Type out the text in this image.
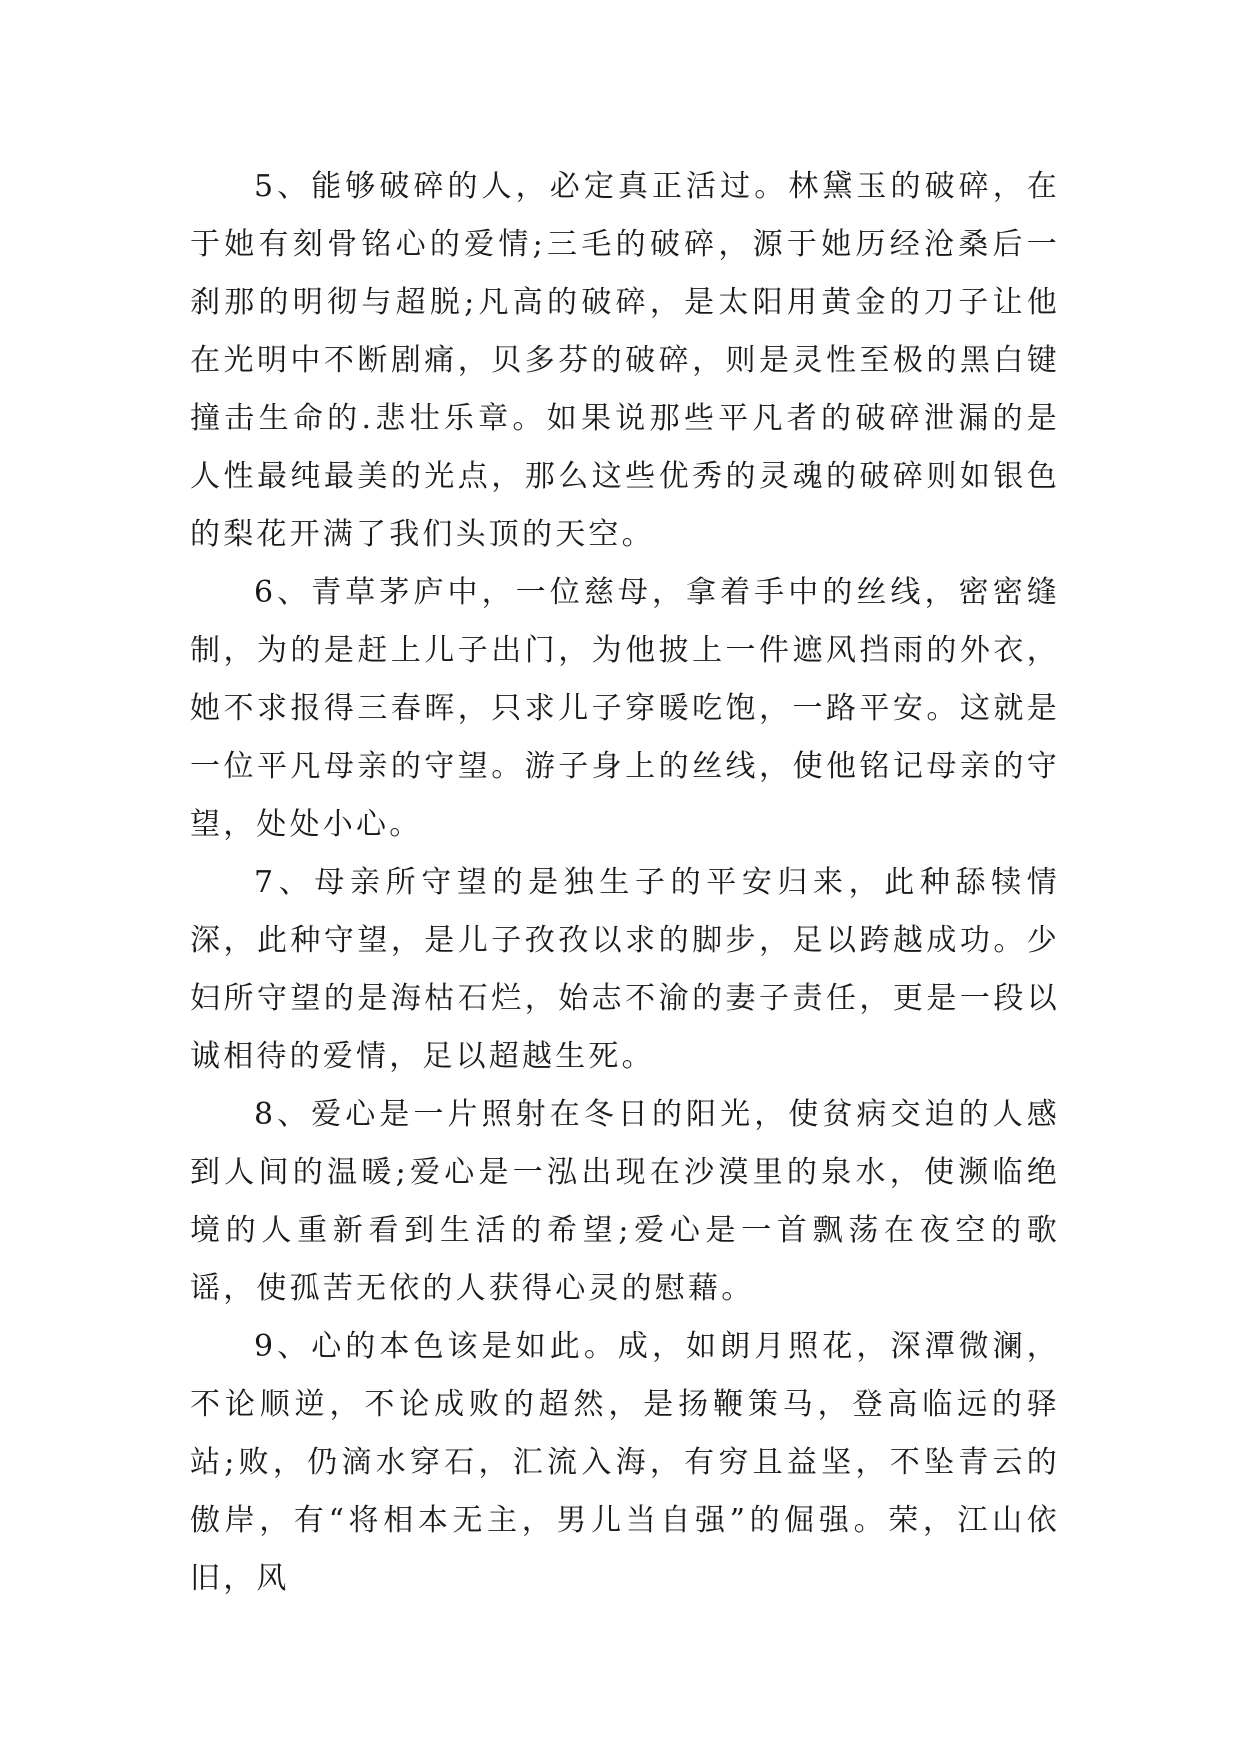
5、能够破碎的人，必定真正活过。林黛玉的破碎，在于她有刻骨铭心的爱情;三毛的破碎，源于她历经沧桑后一刹那的明彻与超脱;凡高的破碎，是太阳用黄金的刀子让他在光明中不断剧痛，贝多芬的破碎，则是灵性至极的黑白键撞击生命的.悲壮乐章。如果说那些平凡者的破碎泄漏的是人性最纯最美的光点，那么这些优秀的灵魂的破碎则如银色的梨花开满了我们头顶的天空。

6、青草茅庐中，一位慈母，拿着手中的丝线，密密缝制，为的是赶上儿子出门，为他披上一件遮风挡雨的外衣，她不求报得三春晖，只求儿子穿暖吃饱，一路平安。这就是一位平凡母亲的守望。游子身上的丝线，使他铭记母亲的守望，处处小心。

7、母亲所守望的是独生子的平安归来，此种舔犊情深，此种守望，是儿子孜孜以求的脚步，足以跨越成功。少妇所守望的是海枯石烂，始志不渝的妻子责任，更是一段以诚相待的爱情，足以超越生死。

8、爱心是一片照射在冬日的阳光，使贫病交迫的人感到人间的温暖;爱心是一泓出现在沙漠里的泉水，使濒临绝境的人重新看到生活的希望;爱心是一首飘荡在夜空的歌谣，使孤苦无依的人获得心灵的慰藉。

9、心的本色该是如此。成，如朗月照花，深潭微澜，不论顺逆，不论成败的超然，是扬鞭策马，登高临远的驿站;败，仍滴水穿石，汇流入海，有穷且益坚，不坠青云的傲岸，有“将相本无主，男儿当自强”的倔强。荣，江山依旧，风
